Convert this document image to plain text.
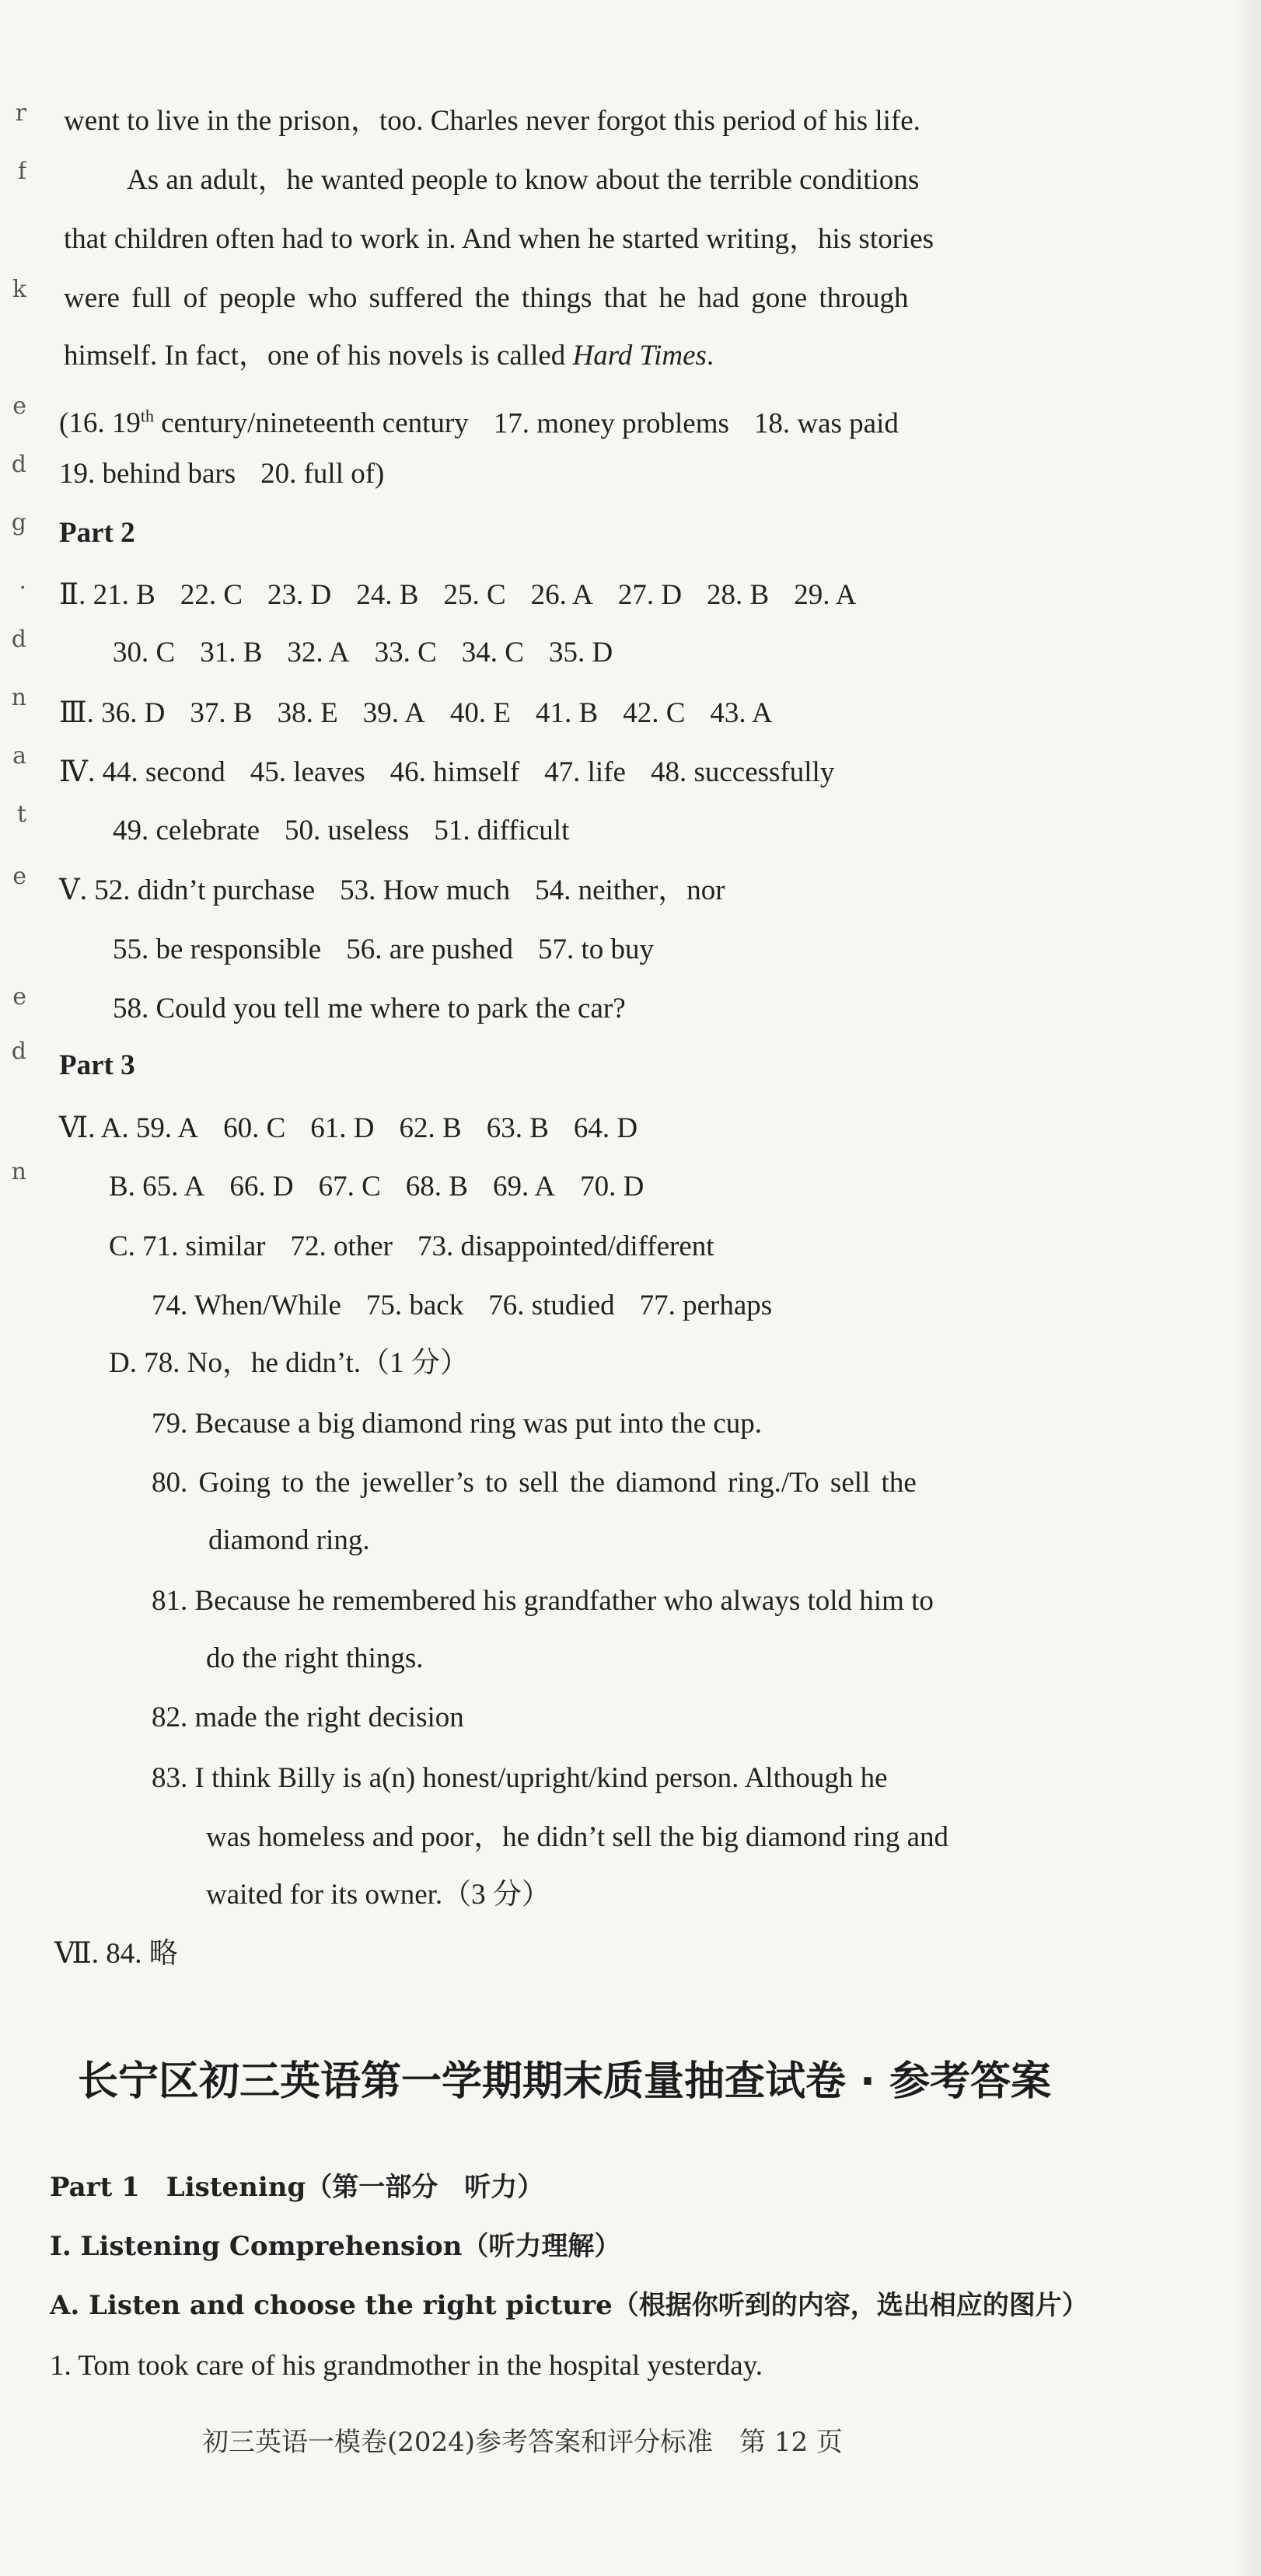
r
f
k
e
d
g
.
d
n
a
t
e
e
d
n
went to live in the prison，too. Charles never forgot this period of his life.
As an adult，he wanted people to know about the terrible conditions
that children often had to work in. And when he started writing，his stories
were full of people who suffered the things that he had gone through
himself. In fact，one of his novels is called Hard Times.
(16. 19th century/nineteenth century 17. money problems 18. was paid
19. behind bars 20. full of)
Part 2
Ⅱ. 21. B 22. C 23. D 24. B 25. C 26. A 27. D 28. B 29. A
30. C 31. B 32. A 33. C 34. C 35. D
Ⅲ. 36. D 37. B 38. E 39. A 40. E 41. B 42. C 43. A
Ⅳ. 44. second 45. leaves 46. himself 47. life 48. successfully
49. celebrate 50. useless 51. difficult
Ⅴ. 52. didn’t purchase 53. How much 54. neither，nor
55. be responsible 56. are pushed 57. to buy
58. Could you tell me where to park the car?
Part 3
Ⅵ. A. 59. A 60. C 61. D 62. B 63. B 64. D
B. 65. A 66. D 67. C 68. B 69. A 70. D
C. 71. similar 72. other 73. disappointed/different
74. When/While 75. back 76. studied 77. perhaps
D. 78. No，he didn’t.（1 分）
79. Because a big diamond ring was put into the cup.
80. Going to the jeweller’s to sell the diamond ring./To sell the
diamond ring.
81. Because he remembered his grandfather who always told him to
do the right things.
82. made the right decision
83. I think Billy is a(n) honest/upright/kind person. Although he
was homeless and poor，he didn’t sell the big diamond ring and
waited for its owner.（3 分）
Ⅶ. 84. 略
长宁区初三英语第一学期期末质量抽查试卷 · 参考答案
Part 1　Listening（第一部分　听力）
Ⅰ. Listening Comprehension（听力理解）
A. Listen and choose the right picture（根据你听到的内容，选出相应的图片）
1. Tom took care of his grandmother in the hospital yesterday.
初三英语一模卷(2024)参考答案和评分标准　第 12 页
